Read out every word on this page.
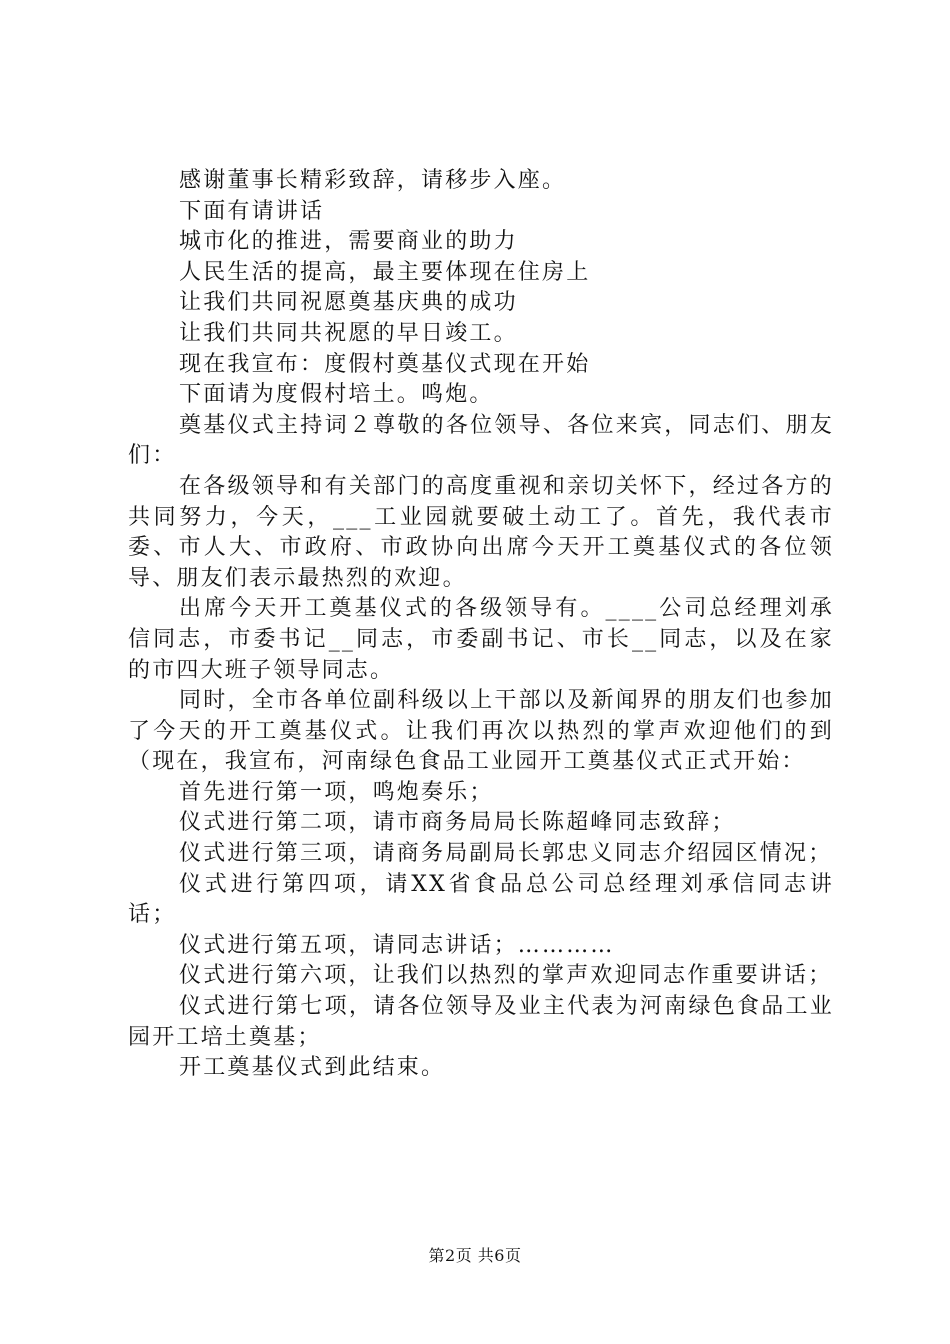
感谢董事长精彩致辞，请移步入座。

下面有请讲话

城市化的推进，需要商业的助力

人民生活的提高，最主要体现在住房上

让我们共同祝愿奠基庆典的成功

让我们共同共祝愿的早日竣工。

现在我宣布：度假村奠基仪式现在开始

下面请为度假村培土。鸣炮。

奠基仪式主持词２尊敬的各位领导、各位来宾，同志们、朋友们：

在各级领导和有关部门的高度重视和亲切关怀下，经过各方的共同努力，今天，___工业园就要破土动工了。首先，我代表市委、市人大、市政府、市政协向出席今天开工奠基仪式的各位领导、朋友们表示最热烈的欢迎。

出席今天开工奠基仪式的各级领导有。____公司总经理刘承信同志，市委书记__同志，市委副书记、市长__同志，以及在家的市四大班子领导同志。

同时，全市各单位副科级以上干部以及新闻界的朋友们也参加了今天的开工奠基仪式。让我们再次以热烈的掌声欢迎他们的到（现在，我宣布，河南绿色食品工业园开工奠基仪式正式开始：

首先进行第一项，鸣炮奏乐；

仪式进行第二项，请市商务局局长陈超峰同志致辞；

仪式进行第三项，请商务局副局长郭忠义同志介绍园区情况；

仪式进行第四项，请XX省食品总公司总经理刘承信同志讲话；

仪式进行第五项，请同志讲话；…………

仪式进行第六项，让我们以热烈的掌声欢迎同志作重要讲话；

仪式进行第七项，请各位领导及业主代表为河南绿色食品工业园开工培土奠基；

开工奠基仪式到此结束。

第2页 共6页
